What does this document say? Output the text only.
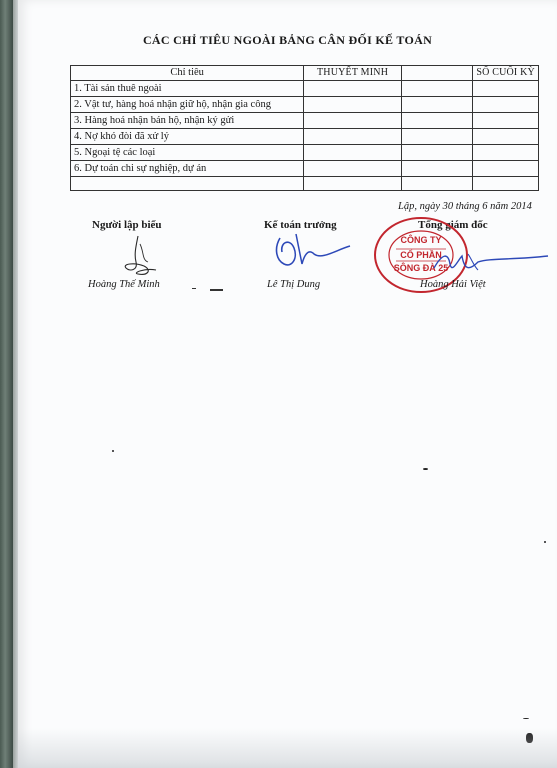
CÁC CHỈ TIÊU NGOÀI BẢNG CÂN ĐỐI KẾ TOÁN
Chỉ tiêu	THUYẾT MINH		SỐ CUỐI KỲ
1. Tài sản thuê ngoài			
2. Vật tư, hàng hoá nhận giữ hộ, nhận gia công			
3. Hàng hoá nhận bán hộ, nhận ký gửi			
4. Nợ khó đòi đã xử lý			
5. Ngoại tệ các loại			
6. Dự toán chi sự nghiệp, dự án			

Lập, ngày 30 tháng 6 năm 2014
Người lập biểu
Hoàng Thế Minh
Kế toán trưởng
Lê Thị Dung
Tổng giám đốc
CÔNG TY
CỔ PHẦN
SÔNG ĐÀ 25
Hoàng Hải Việt
